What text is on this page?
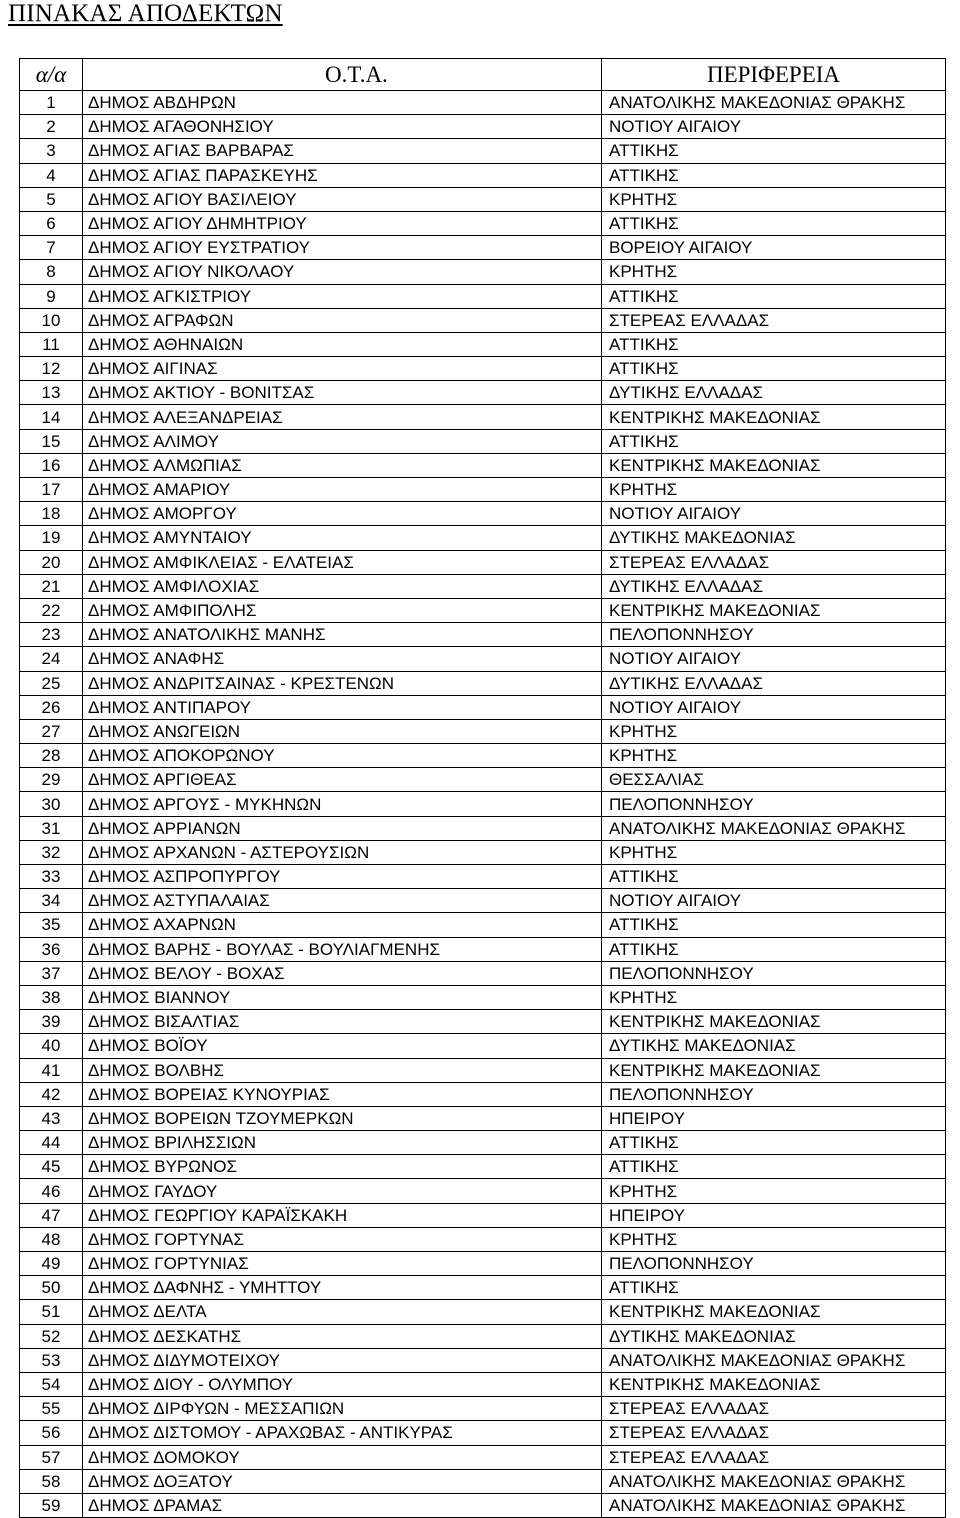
ΠΙΝΑΚΑΣ ΑΠΟΔΕΚΤΩΝ
α/α	Ο.Τ.Α.	ΠΕΡΙΦΕΡΕΙΑ
1	ΔΗΜΟΣ ΑΒΔΗΡΩΝ	ΑΝΑΤΟΛΙΚΗΣ ΜΑΚΕΔΟΝΙΑΣ ΘΡΑΚΗΣ
2	ΔΗΜΟΣ ΑΓΑΘΟΝΗΣΙΟΥ	ΝΟΤΙΟΥ ΑΙΓΑΙΟΥ
3	ΔΗΜΟΣ ΑΓΙΑΣ ΒΑΡΒΑΡΑΣ	ΑΤΤΙΚΗΣ
4	ΔΗΜΟΣ ΑΓΙΑΣ ΠΑΡΑΣΚΕΥΗΣ	ΑΤΤΙΚΗΣ
5	ΔΗΜΟΣ ΑΓΙΟΥ ΒΑΣΙΛΕΙΟΥ	ΚΡΗΤΗΣ
6	ΔΗΜΟΣ ΑΓΙΟΥ ΔΗΜΗΤΡΙΟΥ	ΑΤΤΙΚΗΣ
7	ΔΗΜΟΣ ΑΓΙΟΥ ΕΥΣΤΡΑΤΙΟΥ	ΒΟΡΕΙΟΥ ΑΙΓΑΙΟΥ
8	ΔΗΜΟΣ ΑΓΙΟΥ ΝΙΚΟΛΑΟΥ	ΚΡΗΤΗΣ
9	ΔΗΜΟΣ ΑΓΚΙΣΤΡΙΟΥ	ΑΤΤΙΚΗΣ
10	ΔΗΜΟΣ ΑΓΡΑΦΩΝ	ΣΤΕΡΕΑΣ ΕΛΛΑΔΑΣ
11	ΔΗΜΟΣ ΑΘΗΝΑΙΩΝ	ΑΤΤΙΚΗΣ
12	ΔΗΜΟΣ ΑΙΓΙΝΑΣ	ΑΤΤΙΚΗΣ
13	ΔΗΜΟΣ ΑΚΤΙΟΥ - ΒΟΝΙΤΣΑΣ	ΔΥΤΙΚΗΣ ΕΛΛΑΔΑΣ
14	ΔΗΜΟΣ ΑΛΕΞΑΝΔΡΕΙΑΣ	ΚΕΝΤΡΙΚΗΣ ΜΑΚΕΔΟΝΙΑΣ
15	ΔΗΜΟΣ ΑΛΙΜΟΥ	ΑΤΤΙΚΗΣ
16	ΔΗΜΟΣ ΑΛΜΩΠΙΑΣ	ΚΕΝΤΡΙΚΗΣ ΜΑΚΕΔΟΝΙΑΣ
17	ΔΗΜΟΣ ΑΜΑΡΙΟΥ	ΚΡΗΤΗΣ
18	ΔΗΜΟΣ ΑΜΟΡΓΟΥ	ΝΟΤΙΟΥ ΑΙΓΑΙΟΥ
19	ΔΗΜΟΣ ΑΜΥΝΤΑΙΟΥ	ΔΥΤΙΚΗΣ ΜΑΚΕΔΟΝΙΑΣ
20	ΔΗΜΟΣ ΑΜΦΙΚΛΕΙΑΣ - ΕΛΑΤΕΙΑΣ	ΣΤΕΡΕΑΣ ΕΛΛΑΔΑΣ
21	ΔΗΜΟΣ ΑΜΦΙΛΟΧΙΑΣ	ΔΥΤΙΚΗΣ ΕΛΛΑΔΑΣ
22	ΔΗΜΟΣ ΑΜΦΙΠΟΛΗΣ	ΚΕΝΤΡΙΚΗΣ ΜΑΚΕΔΟΝΙΑΣ
23	ΔΗΜΟΣ ΑΝΑΤΟΛΙΚΗΣ ΜΑΝΗΣ	ΠΕΛΟΠΟΝΝΗΣΟΥ
24	ΔΗΜΟΣ ΑΝΑΦΗΣ	ΝΟΤΙΟΥ ΑΙΓΑΙΟΥ
25	ΔΗΜΟΣ ΑΝΔΡΙΤΣΑΙΝΑΣ - ΚΡΕΣΤΕΝΩΝ	ΔΥΤΙΚΗΣ ΕΛΛΑΔΑΣ
26	ΔΗΜΟΣ ΑΝΤΙΠΑΡΟΥ	ΝΟΤΙΟΥ ΑΙΓΑΙΟΥ
27	ΔΗΜΟΣ ΑΝΩΓΕΙΩΝ	ΚΡΗΤΗΣ
28	ΔΗΜΟΣ ΑΠΟΚΟΡΩΝΟΥ	ΚΡΗΤΗΣ
29	ΔΗΜΟΣ ΑΡΓΙΘΕΑΣ	ΘΕΣΣΑΛΙΑΣ
30	ΔΗΜΟΣ ΑΡΓΟΥΣ - ΜΥΚΗΝΩΝ	ΠΕΛΟΠΟΝΝΗΣΟΥ
31	ΔΗΜΟΣ ΑΡΡΙΑΝΩΝ	ΑΝΑΤΟΛΙΚΗΣ ΜΑΚΕΔΟΝΙΑΣ ΘΡΑΚΗΣ
32	ΔΗΜΟΣ ΑΡΧΑΝΩΝ - ΑΣΤΕΡΟΥΣΙΩΝ	ΚΡΗΤΗΣ
33	ΔΗΜΟΣ ΑΣΠΡΟΠΥΡΓΟΥ	ΑΤΤΙΚΗΣ
34	ΔΗΜΟΣ ΑΣΤΥΠΑΛΑΙΑΣ	ΝΟΤΙΟΥ ΑΙΓΑΙΟΥ
35	ΔΗΜΟΣ ΑΧΑΡΝΩΝ	ΑΤΤΙΚΗΣ
36	ΔΗΜΟΣ ΒΑΡΗΣ - ΒΟΥΛΑΣ - ΒΟΥΛΙΑΓΜΕΝΗΣ	ΑΤΤΙΚΗΣ
37	ΔΗΜΟΣ ΒΕΛΟΥ - ΒΟΧΑΣ	ΠΕΛΟΠΟΝΝΗΣΟΥ
38	ΔΗΜΟΣ ΒΙΑΝΝΟΥ	ΚΡΗΤΗΣ
39	ΔΗΜΟΣ ΒΙΣΑΛΤΙΑΣ	ΚΕΝΤΡΙΚΗΣ ΜΑΚΕΔΟΝΙΑΣ
40	ΔΗΜΟΣ ΒΟΪΟΥ	ΔΥΤΙΚΗΣ ΜΑΚΕΔΟΝΙΑΣ
41	ΔΗΜΟΣ ΒΟΛΒΗΣ	ΚΕΝΤΡΙΚΗΣ ΜΑΚΕΔΟΝΙΑΣ
42	ΔΗΜΟΣ ΒΟΡΕΙΑΣ ΚΥΝΟΥΡΙΑΣ	ΠΕΛΟΠΟΝΝΗΣΟΥ
43	ΔΗΜΟΣ ΒΟΡΕΙΩΝ ΤΖΟΥΜΕΡΚΩΝ	ΗΠΕΙΡΟΥ
44	ΔΗΜΟΣ ΒΡΙΛΗΣΣΙΩΝ	ΑΤΤΙΚΗΣ
45	ΔΗΜΟΣ ΒΥΡΩΝΟΣ	ΑΤΤΙΚΗΣ
46	ΔΗΜΟΣ ΓΑΥΔΟΥ	ΚΡΗΤΗΣ
47	ΔΗΜΟΣ ΓΕΩΡΓΙΟΥ ΚΑΡΑΪΣΚΑΚΗ	ΗΠΕΙΡΟΥ
48	ΔΗΜΟΣ ΓΟΡΤΥΝΑΣ	ΚΡΗΤΗΣ
49	ΔΗΜΟΣ ΓΟΡΤΥΝΙΑΣ	ΠΕΛΟΠΟΝΝΗΣΟΥ
50	ΔΗΜΟΣ ΔΑΦΝΗΣ - ΥΜΗΤΤΟΥ	ΑΤΤΙΚΗΣ
51	ΔΗΜΟΣ ΔΕΛΤΑ	ΚΕΝΤΡΙΚΗΣ ΜΑΚΕΔΟΝΙΑΣ
52	ΔΗΜΟΣ ΔΕΣΚΑΤΗΣ	ΔΥΤΙΚΗΣ ΜΑΚΕΔΟΝΙΑΣ
53	ΔΗΜΟΣ ΔΙΔΥΜΟΤΕΙΧΟΥ	ΑΝΑΤΟΛΙΚΗΣ ΜΑΚΕΔΟΝΙΑΣ ΘΡΑΚΗΣ
54	ΔΗΜΟΣ ΔΙΟΥ - ΟΛΥΜΠΟΥ	ΚΕΝΤΡΙΚΗΣ ΜΑΚΕΔΟΝΙΑΣ
55	ΔΗΜΟΣ ΔΙΡΦΥΩΝ - ΜΕΣΣΑΠΙΩΝ	ΣΤΕΡΕΑΣ ΕΛΛΑΔΑΣ
56	ΔΗΜΟΣ ΔΙΣΤΟΜΟΥ - ΑΡΑΧΩΒΑΣ - ΑΝΤΙΚΥΡΑΣ	ΣΤΕΡΕΑΣ ΕΛΛΑΔΑΣ
57	ΔΗΜΟΣ ΔΟΜΟΚΟΥ	ΣΤΕΡΕΑΣ ΕΛΛΑΔΑΣ
58	ΔΗΜΟΣ ΔΟΞΑΤΟΥ	ΑΝΑΤΟΛΙΚΗΣ ΜΑΚΕΔΟΝΙΑΣ ΘΡΑΚΗΣ
59	ΔΗΜΟΣ ΔΡΑΜΑΣ	ΑΝΑΤΟΛΙΚΗΣ ΜΑΚΕΔΟΝΙΑΣ ΘΡΑΚΗΣ
